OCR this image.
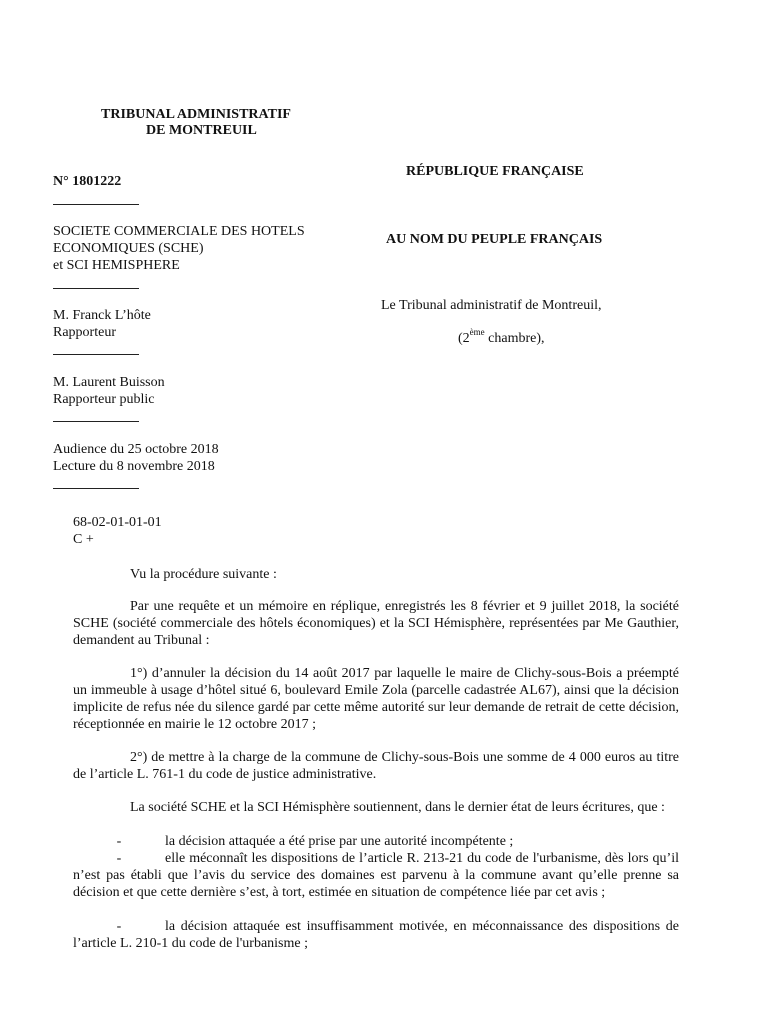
TRIBUNAL ADMINISTRATIF
DE MONTREUIL
N° 1801222
SOCIETE COMMERCIALE DES HOTELS
ECONOMIQUES (SCHE)
et SCI HEMISPHERE
M. Franck L’hôte
Rapporteur
M. Laurent Buisson
Rapporteur public
Audience du 25 octobre 2018
Lecture du 8 novembre 2018
RÉPUBLIQUE FRANÇAISE
AU NOM DU PEUPLE FRANÇAIS
Le Tribunal administratif de Montreuil,
(2ème chambre),
68-02-01-01-01
C +
Vu la procédure suivante :
Par une requête et un mémoire en réplique, enregistrés les 8 février et 9 juillet 2018, la société SCHE (société commerciale des hôtels économiques) et la SCI Hémisphère, représentées par Me Gauthier, demandent au Tribunal :
1°) d’annuler la décision du 14 août 2017 par laquelle le maire de Clichy-sous-Bois a préempté un immeuble à usage d’hôtel situé 6, boulevard Emile Zola (parcelle cadastrée AL67), ainsi que la décision implicite de refus née du silence gardé par cette même autorité sur leur demande de retrait de cette décision, réceptionnée en mairie le 12 octobre 2017 ;
2°) de mettre à la charge de la commune de Clichy-sous-Bois une somme de 4 000 euros au titre de l’article L. 761-1 du code de justice administrative.
La société SCHE et la SCI Hémisphère soutiennent, dans le dernier état de leurs écritures, que :
-	la décision attaquée a été prise par une autorité incompétente ;
-	elle méconnaît les dispositions de l’article R. 213-21 du code de l'urbanisme, dès lors qu’il n’est pas établi que l’avis du service des domaines est parvenu à la commune avant qu’elle prenne sa décision et que cette dernière s’est, à tort, estimée en situation de compétence liée par cet avis ;
-	la décision attaquée est insuffisamment motivée, en méconnaissance des dispositions de l’article L. 210-1 du code de l'urbanisme ;
